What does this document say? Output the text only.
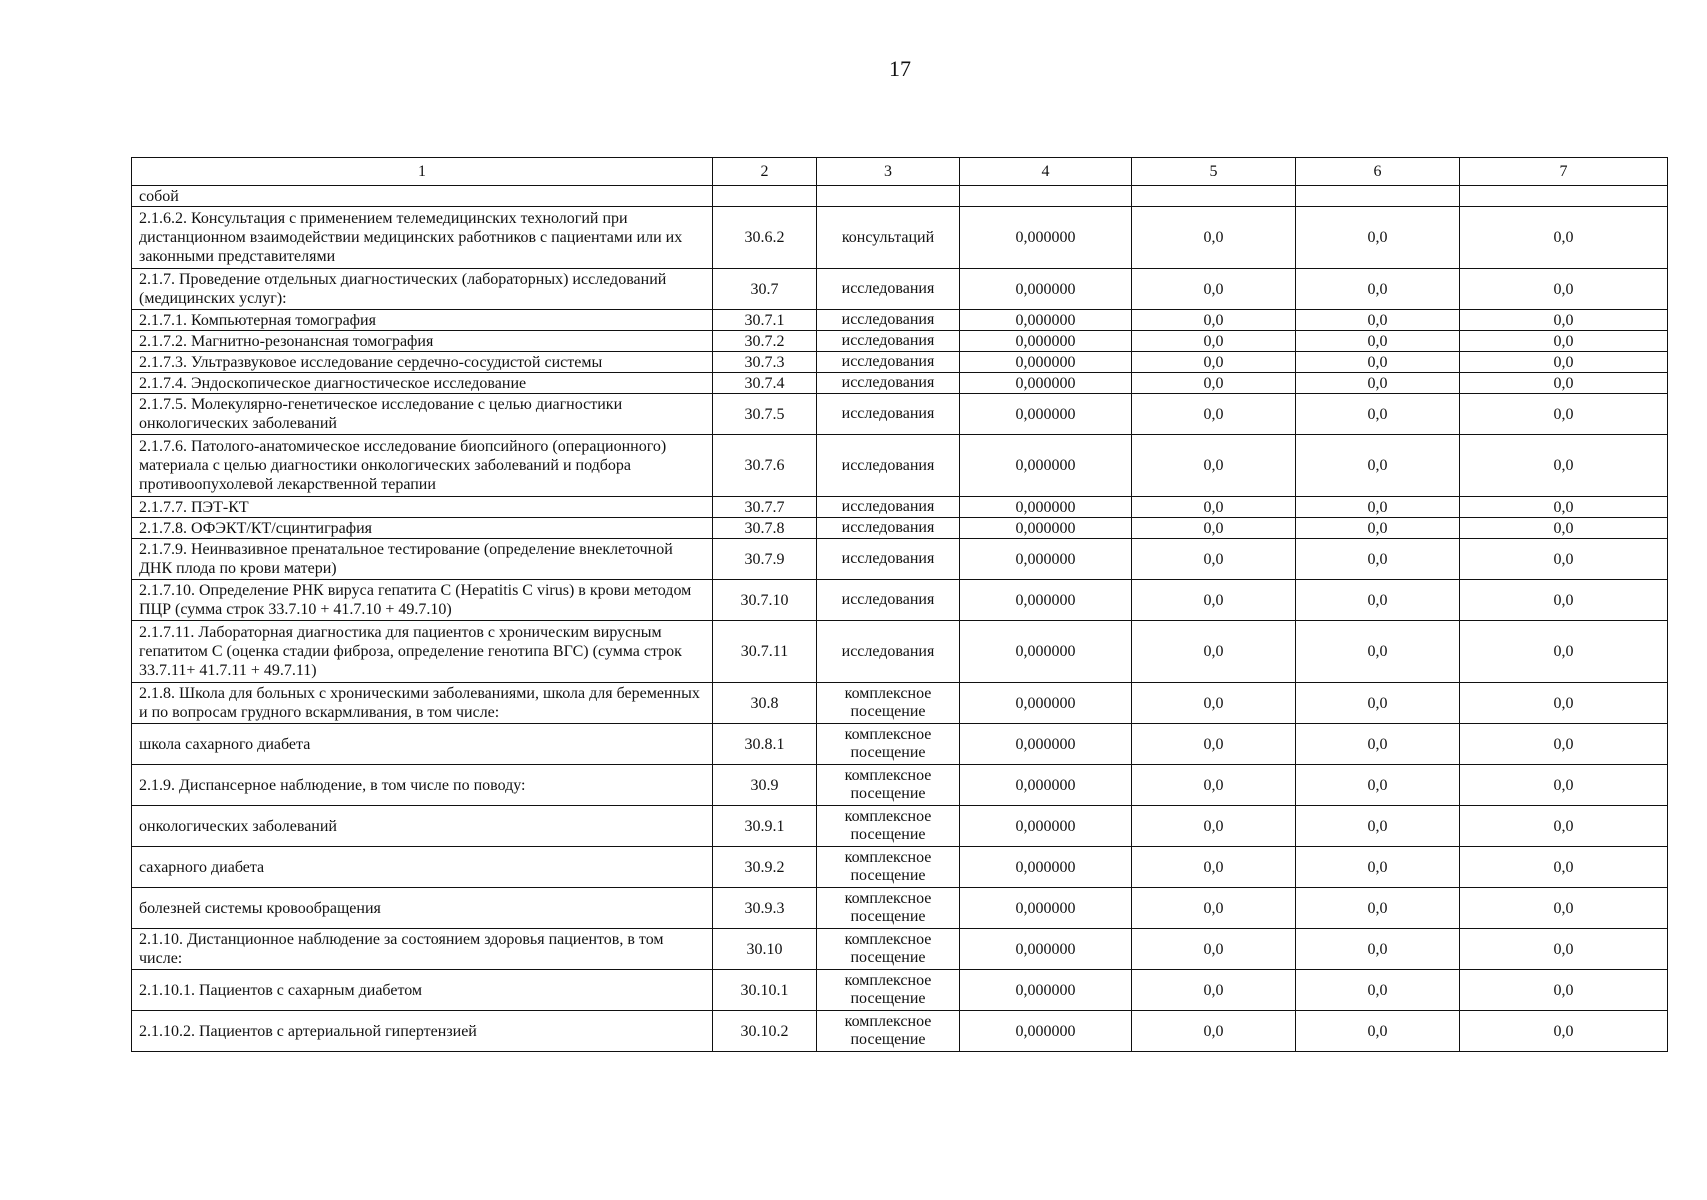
17
1	2	3	4	5	6	7
собой						
2.1.6.2. Консультация с применением телемедицинских технологий при дистанционном взаимодействии медицинских работников с пациентами или их законными представителями	30.6.2	консультаций	0,000000	0,0	0,0	0,0
2.1.7. Проведение отдельных диагностических (лабораторных) исследований (медицинских услуг):	30.7	исследования	0,000000	0,0	0,0	0,0
2.1.7.1. Компьютерная томография	30.7.1	исследования	0,000000	0,0	0,0	0,0
2.1.7.2. Магнитно-резонансная томография	30.7.2	исследования	0,000000	0,0	0,0	0,0
2.1.7.3. Ультразвуковое исследование сердечно-сосудистой системы	30.7.3	исследования	0,000000	0,0	0,0	0,0
2.1.7.4. Эндоскопическое диагностическое исследование	30.7.4	исследования	0,000000	0,0	0,0	0,0
2.1.7.5. Молекулярно-генетическое исследование с целью диагностики онкологических заболеваний	30.7.5	исследования	0,000000	0,0	0,0	0,0
2.1.7.6. Патолого-анатомическое исследование биопсийного (операционного) материала с целью диагностики онкологических заболеваний и подбора противоопухолевой лекарственной терапии	30.7.6	исследования	0,000000	0,0	0,0	0,0
2.1.7.7. ПЭТ-КТ	30.7.7	исследования	0,000000	0,0	0,0	0,0
2.1.7.8. ОФЭКТ/КТ/сцинтиграфия	30.7.8	исследования	0,000000	0,0	0,0	0,0
2.1.7.9. Неинвазивное пренатальное тестирование (определение внеклеточной ДНК плода по крови матери)	30.7.9	исследования	0,000000	0,0	0,0	0,0
2.1.7.10. Определение РНК вируса гепатита С (Hepatitis C virus) в крови методом ПЦР (сумма строк 33.7.10 + 41.7.10 + 49.7.10)	30.7.10	исследования	0,000000	0,0	0,0	0,0
2.1.7.11. Лабораторная диагностика для пациентов с хроническим вирусным гепатитом С (оценка стадии фиброза, определение генотипа ВГС) (сумма строк 33.7.11+ 41.7.11 + 49.7.11)	30.7.11	исследования	0,000000	0,0	0,0	0,0
2.1.8. Школа для больных с хроническими заболеваниями, школа для беременных и по вопросам грудного вскармливания, в том числе:	30.8	комплексное посещение	0,000000	0,0	0,0	0,0
школа сахарного диабета	30.8.1	комплексное посещение	0,000000	0,0	0,0	0,0
2.1.9. Диспансерное наблюдение, в том числе по поводу:	30.9	комплексное посещение	0,000000	0,0	0,0	0,0
онкологических заболеваний	30.9.1	комплексное посещение	0,000000	0,0	0,0	0,0
сахарного диабета	30.9.2	комплексное посещение	0,000000	0,0	0,0	0,0
болезней системы кровообращения	30.9.3	комплексное посещение	0,000000	0,0	0,0	0,0
2.1.10. Дистанционное наблюдение за состоянием здоровья пациентов, в том числе:	30.10	комплексное посещение	0,000000	0,0	0,0	0,0
2.1.10.1. Пациентов с сахарным диабетом	30.10.1	комплексное посещение	0,000000	0,0	0,0	0,0
2.1.10.2. Пациентов с артериальной гипертензией	30.10.2	комплексное посещение	0,000000	0,0	0,0	0,0
